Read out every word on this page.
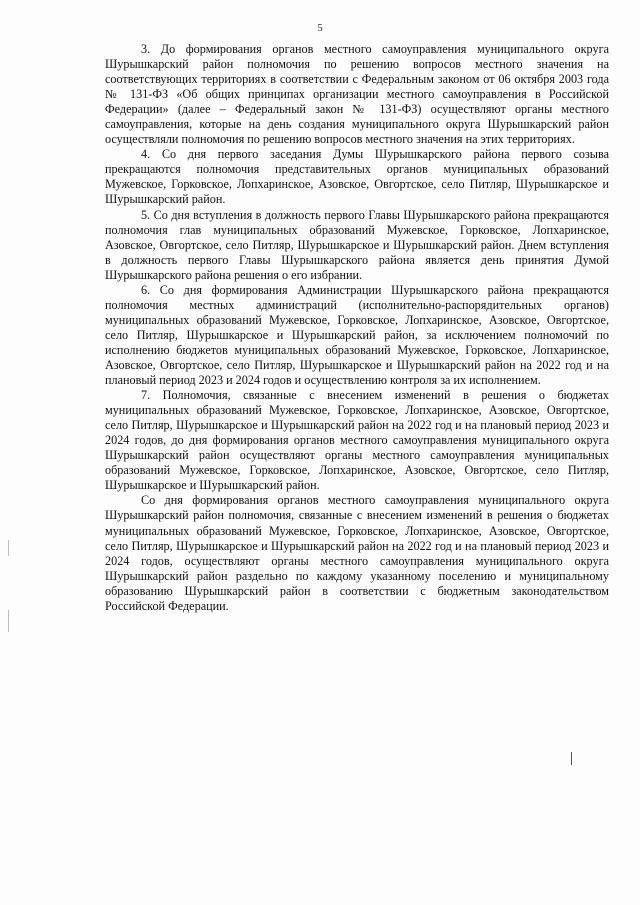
5

3. До формирования органов местного самоуправления муниципального округа Шурышкарский район полномочия по решению вопросов местного значения на соответствующих территориях в соответствии с Федеральным законом от 06 октября 2003 года № 131-ФЗ «Об общих принципах организации местного самоуправления в Российской Федерации» (далее – Федеральный закон № 131-ФЗ) осуществляют органы местного самоуправления, которые на день создания муниципального округа Шурышкарский район осуществляли полномочия по решению вопросов местного значения на этих территориях.

4. Со дня первого заседания Думы Шурышкарского района первого созыва прекращаются полномочия представительных органов муниципальных образований Мужевское, Горковское, Лопхаринское, Азовское, Овгортское, село Питляр, Шурышкарское и Шурышкарский район.

5. Со дня вступления в должность первого Главы Шурышкарского района прекращаются полномочия глав муниципальных образований Мужевское, Горковское, Лопхаринское, Азовское, Овгортское, село Питляр, Шурышкарское и Шурышкарский район. Днем вступления в должность первого Главы Шурышкарского района является день принятия Думой Шурышкарского района решения о его избрании.

6. Со дня формирования Администрации Шурышкарского района прекращаются полномочия местных администраций (исполнительно-распорядительных органов) муниципальных образований Мужевское, Горковское, Лопхаринское, Азовское, Овгортское, село Питляр, Шурышкарское и Шурышкарский район, за исключением полномочий по исполнению бюджетов муниципальных образований Мужевское, Горковское, Лопхаринское, Азовское, Овгортское, село Питляр, Шурышкарское и Шурышкарский район на 2022 год и на плановый период 2023 и 2024 годов и осуществлению контроля за их исполнением.

7. Полномочия, связанные с внесением изменений в решения о бюджетах муниципальных образований Мужевское, Горковское, Лопхаринское, Азовское, Овгортское, село Питляр, Шурышкарское и Шурышкарский район на 2022 год и на плановый период 2023 и 2024 годов, до дня формирования органов местного самоуправления муниципального округа Шурышкарский район осуществляют органы местного самоуправления муниципальных образований Мужевское, Горковское, Лопхаринское, Азовское, Овгортское, село Питляр, Шурышкарское и Шурышкарский район.

Со дня формирования органов местного самоуправления муниципального округа Шурышкарский район полномочия, связанные с внесением изменений в решения о бюджетах муниципальных образований Мужевское, Горковское, Лопхаринское, Азовское, Овгортское, село Питляр, Шурышкарское и Шурышкарский район на 2022 год и на плановый период 2023 и 2024 годов, осуществляют органы местного самоуправления муниципального округа Шурышкарский район раздельно по каждому указанному поселению и муниципальному образованию Шурышкарский район в соответствии с бюджетным законодательством Российской Федерации.
